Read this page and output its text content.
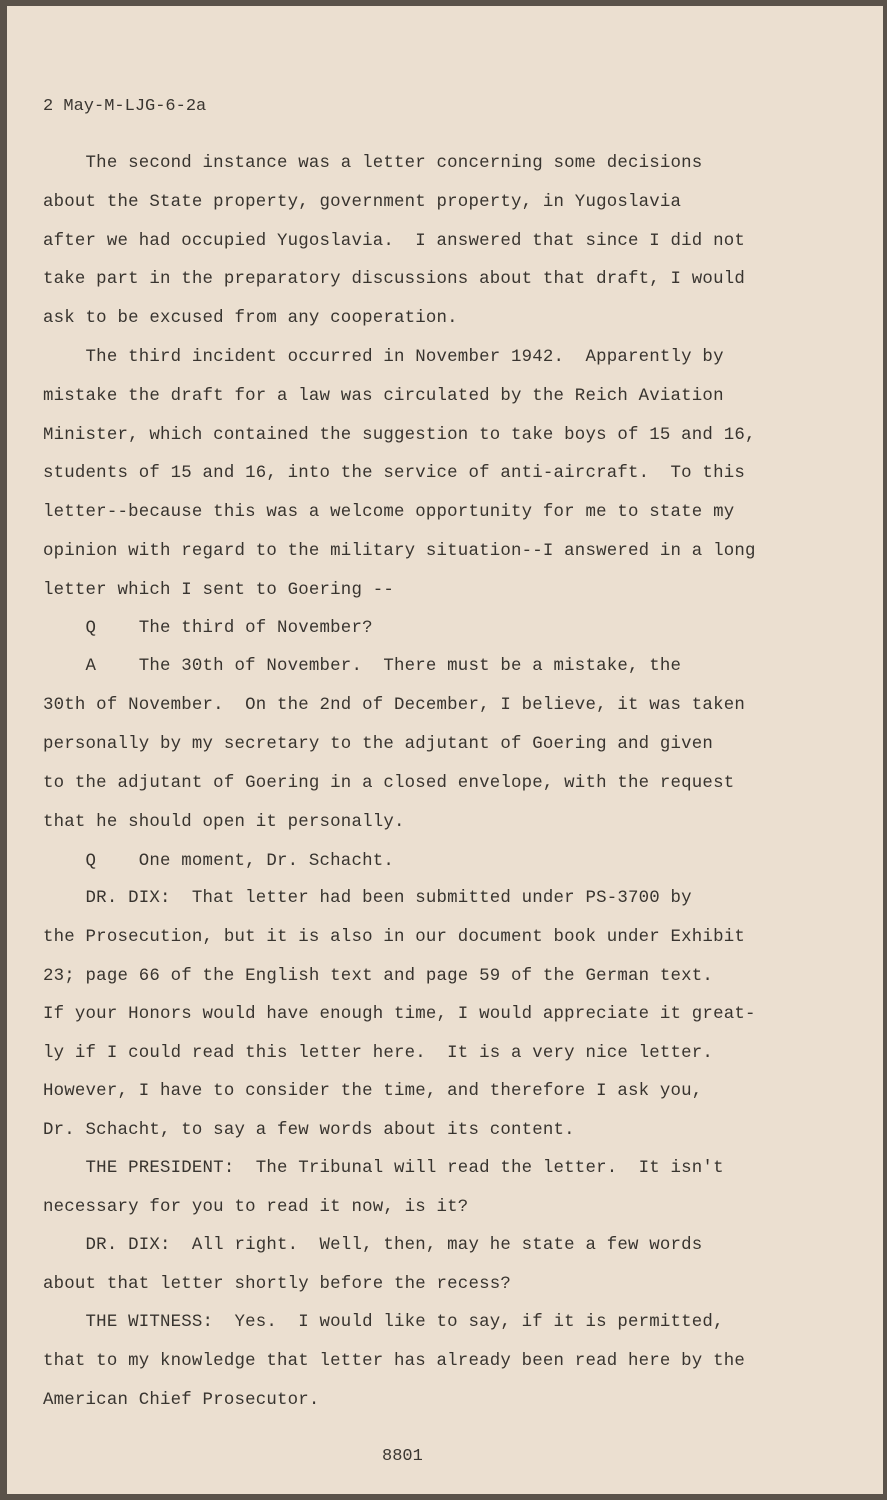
2 May-M-LJG-6-2a
The second instance was a letter concerning some decisions
about the State property, government property, in Yugoslavia
after we had occupied Yugoslavia.  I answered that since I did not
take part in the preparatory discussions about that draft, I would
ask to be excused from any cooperation.
The third incident occurred in November 1942.  Apparently by
mistake the draft for a law was circulated by the Reich Aviation
Minister, which contained the suggestion to take boys of 15 and 16,
students of 15 and 16, into the service of anti-aircraft.  To this
letter--because this was a welcome opportunity for me to state my
opinion with regard to the military situation--I answered in a long
letter which I sent to Goering --
Q    The third of November?
A    The 30th of November.  There must be a mistake, the
30th of November.  On the 2nd of December, I believe, it was taken
personally by my secretary to the adjutant of Goering and given
to the adjutant of Goering in a closed envelope, with the request
that he should open it personally.
Q    One moment, Dr. Schacht.
DR. DIX:  That letter had been submitted under PS-3700 by
the Prosecution, but it is also in our document book under Exhibit
23; page 66 of the English text and page 59 of the German text.
If your Honors would have enough time, I would appreciate it great-
ly if I could read this letter here.  It is a very nice letter.
However, I have to consider the time, and therefore I ask you,
Dr. Schacht, to say a few words about its content.
THE PRESIDENT:  The Tribunal will read the letter.  It isn't
necessary for you to read it now, is it?
DR. DIX:  All right.  Well, then, may he state a few words
about that letter shortly before the recess?
THE WITNESS:  Yes.  I would like to say, if it is permitted,
that to my knowledge that letter has already been read here by the
American Chief Prosecutor.
8801
